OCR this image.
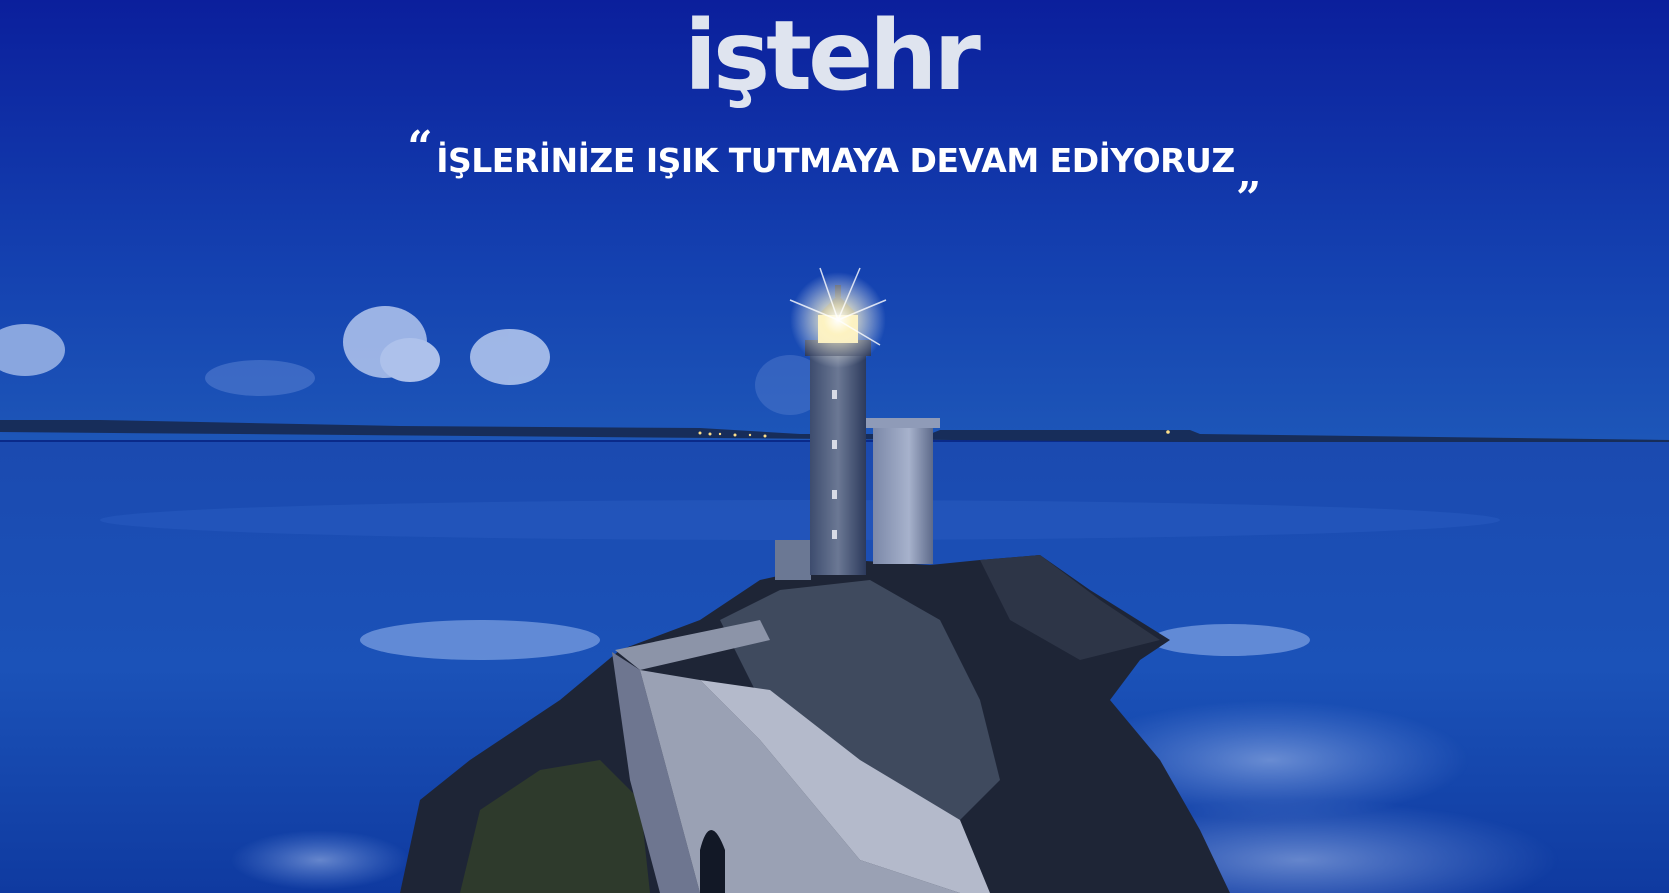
iştehr
“ İŞLERİNİZE IŞIK TUTMAYA DEVAM EDİYORUZ„
